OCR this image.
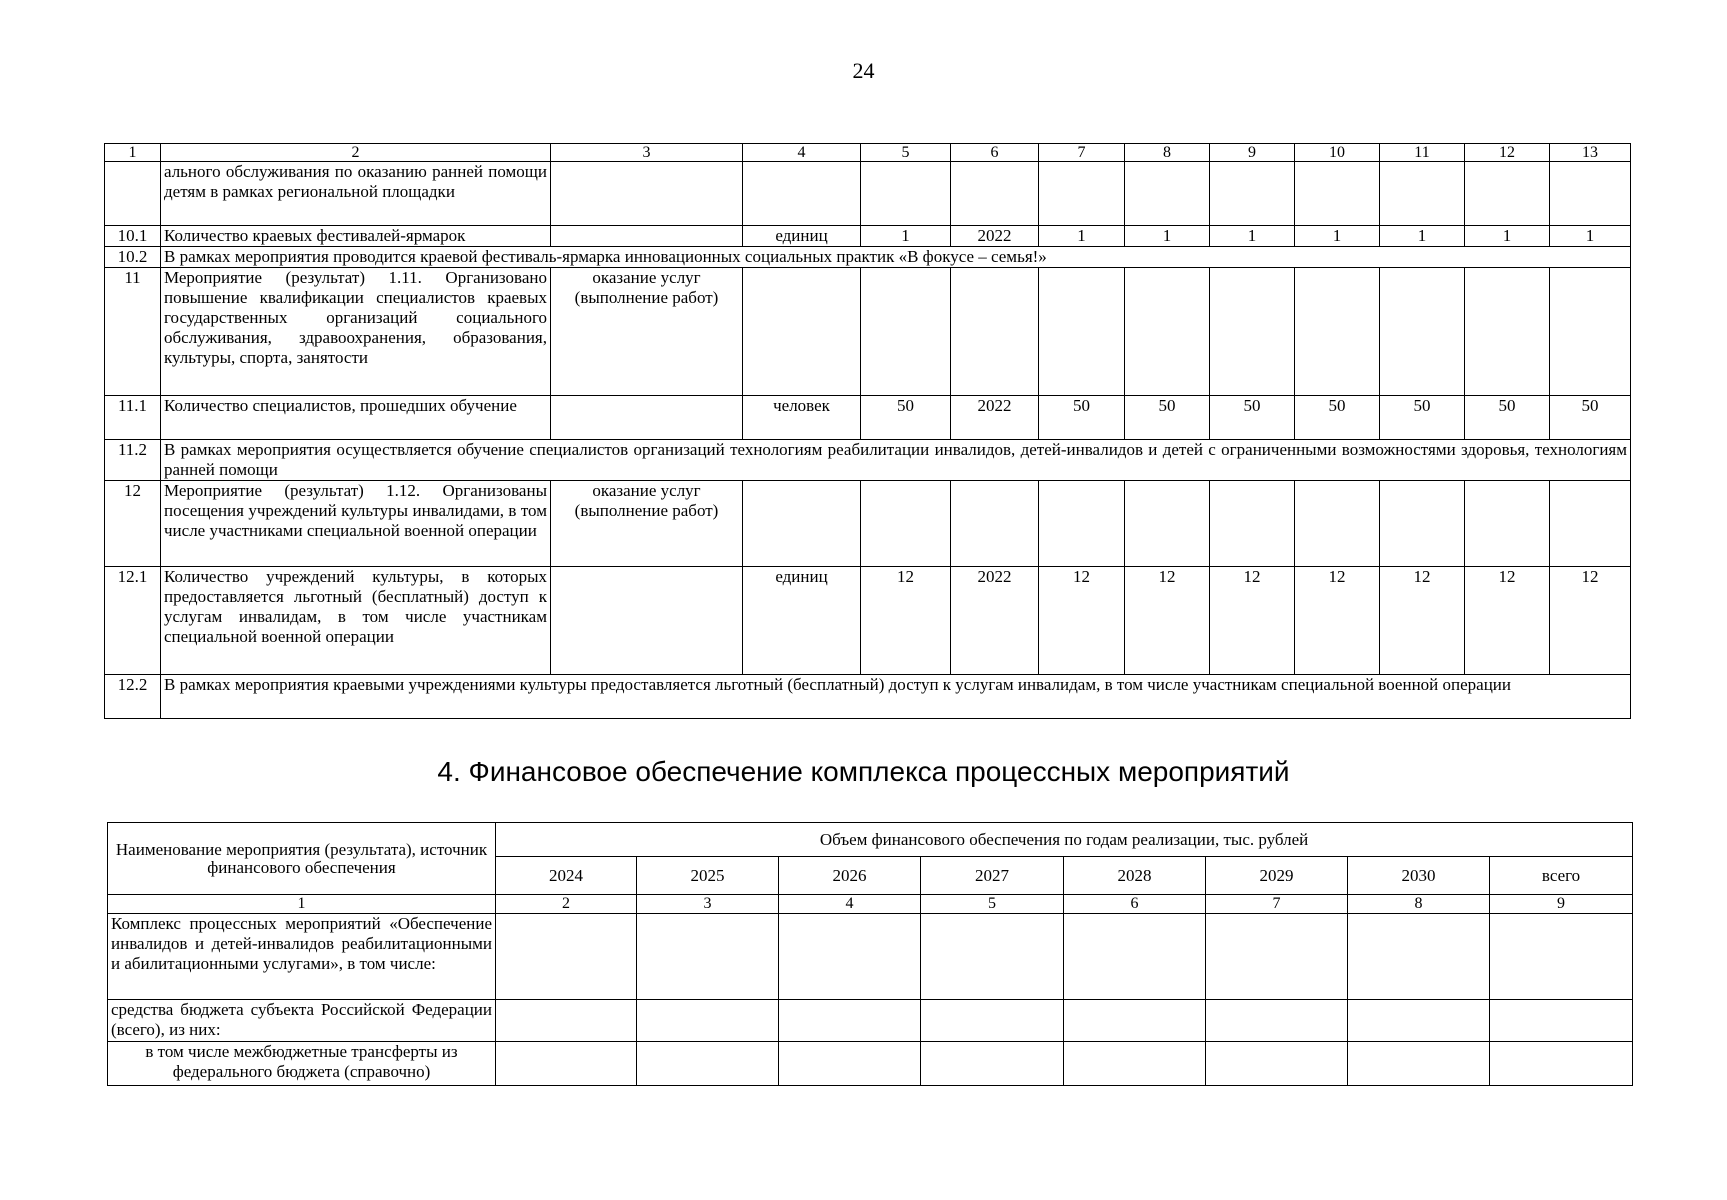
24
1	2	3	4	5	6	7	8	9	10	11	12	13
	ального обслуживания по оказанию ранней помощи детям в рамках региональной площадки											
10.1	Количество краевых фестивалей-ярмарок		единиц	1	2022	1	1	1	1	1	1	1
10.2	В рамках мероприятия проводится краевой фестиваль-ярмарка инновационных социальных практик «В фокусе – семья!»											
11	Мероприятие (результат) 1.11. Организовано повышение квалификации специалистов краевых государственных организаций социального обслуживания, здравоохранения, образования, культуры, спорта, занятости	оказание услуг (выполнение работ)										
11.1	Количество специалистов, прошедших обучение		человек	50	2022	50	50	50	50	50	50	50
11.2	В рамках мероприятия осуществляется обучение специалистов организаций технологиям реабилитации инвалидов, детей-инвалидов и детей с ограниченными возможностями здоровья, технологиям ранней помощи											
12	Мероприятие (результат) 1.12. Организованы посещения учреждений культуры инвалидами, в том числе участниками специальной военной операции	оказание услуг (выполнение работ)										
12.1	Количество учреждений культуры, в которых предоставляется льготный (бесплатный) доступ к услугам инвалидам, в том числе участникам специальной военной операции		единиц	12	2022	12	12	12	12	12	12	12
12.2	В рамках мероприятия краевыми учреждениями культуры предоставляется льготный (бесплатный) доступ к услугам инвалидам, в том числе участникам специальной военной операции											
4. Финансовое обеспечение комплекса процессных мероприятий
Наименование мероприятия (результата), источник финансового обеспечения	Объем финансового обеспечения по годам реализации, тыс. рублей							
	2024	2025	2026	2027	2028	2029	2030	всего
1	2	3	4	5	6	7	8	9
Комплекс процессных мероприятий «Обеспечение инвалидов и детей-инвалидов реабилитационными и абилитационными услугами», в том числе:								
средства бюджета субъекта Российской Федерации (всего), из них:								
в том числе межбюджетные трансферты из федерального бюджета (справочно)								
